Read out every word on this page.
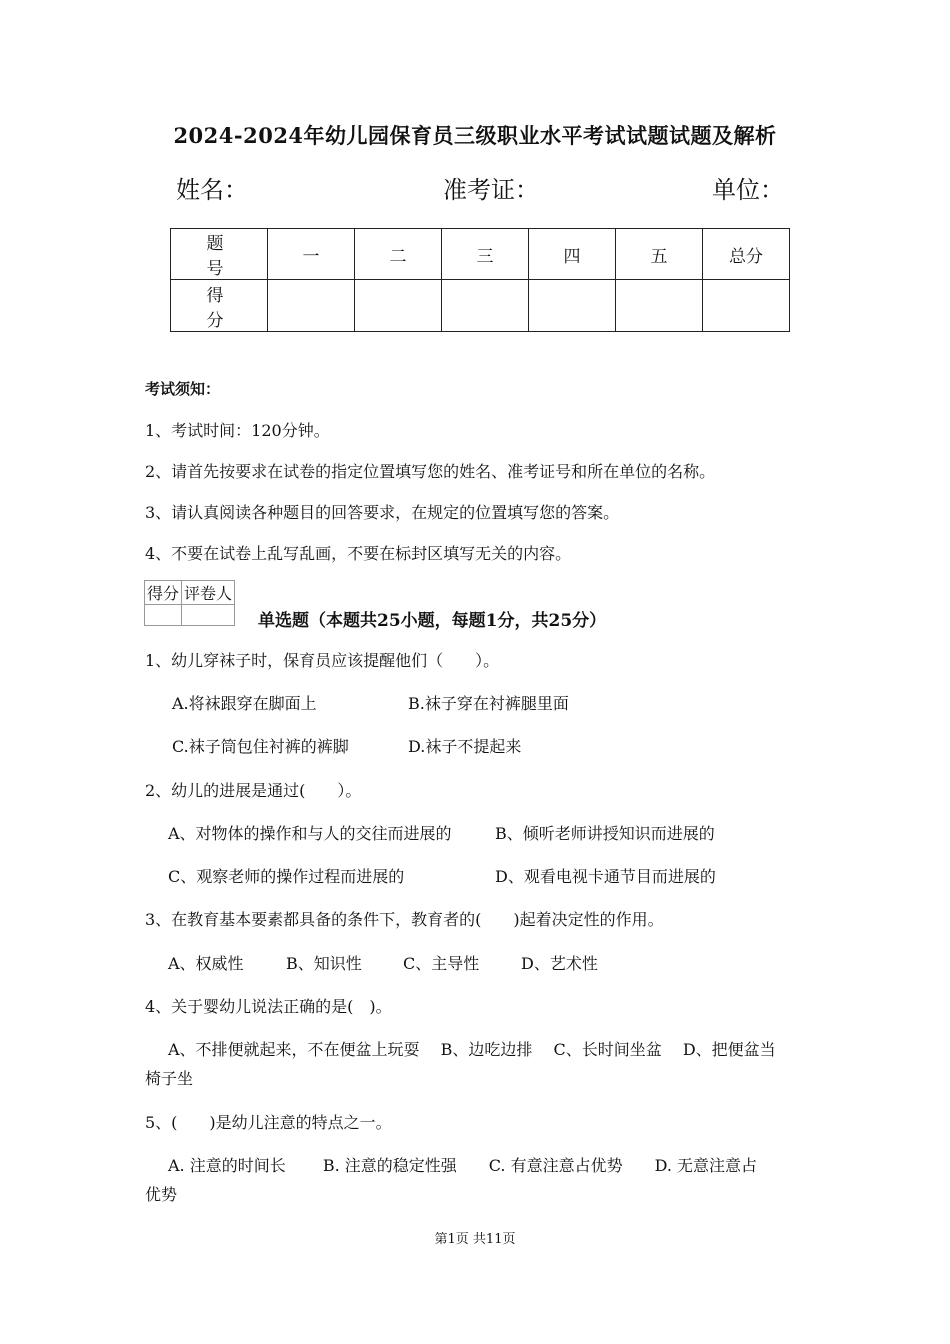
2024-2024年幼儿园保育员三级职业水平考试试题试题及解析
姓名：	准考证：	单位：
题　号	一	二	三	四	五	总分
得　分						
考试须知：
1、考试时间：120分钟。
2、请首先按要求在试卷的指定位置填写您的姓名、准考证号和所在单位的名称。
3、请认真阅读各种题目的回答要求，在规定的位置填写您的答案。
4、不要在试卷上乱写乱画，不要在标封区填写无关的内容。
得分	评卷人

单选题（本题共25小题，每题1分，共25分）
1、幼儿穿袜子时，保育员应该提醒他们（　　）。
A.将袜跟穿在脚面上	B.袜子穿在衬裤腿里面
C.袜子筒包住衬裤的裤脚	D.袜子不提起来
2、幼儿的进展是通过(　　）。
A、对物体的操作和与人的交往而进展的	B、倾听老师讲授知识而进展的
C、观察老师的操作过程而进展的	D、观看电视卡通节目而进展的
3、在教育基本要素都具备的条件下，教育者的(　　)起着决定性的作用。
A、权威性	B、知识性	C、主导性	D、艺术性
4、关于婴幼儿说法正确的是(　)。
A、不排便就起来，不在便盆上玩耍　 B、边吃边排　 C、长时间坐盆　 D、把便盆当
椅子坐
5、(　　)是幼儿注意的特点之一。
A. 注意的时间长　　 B. 注意的稳定性强　　C. 有意注意占优势　　D. 无意注意占
优势
第1页 共11页
